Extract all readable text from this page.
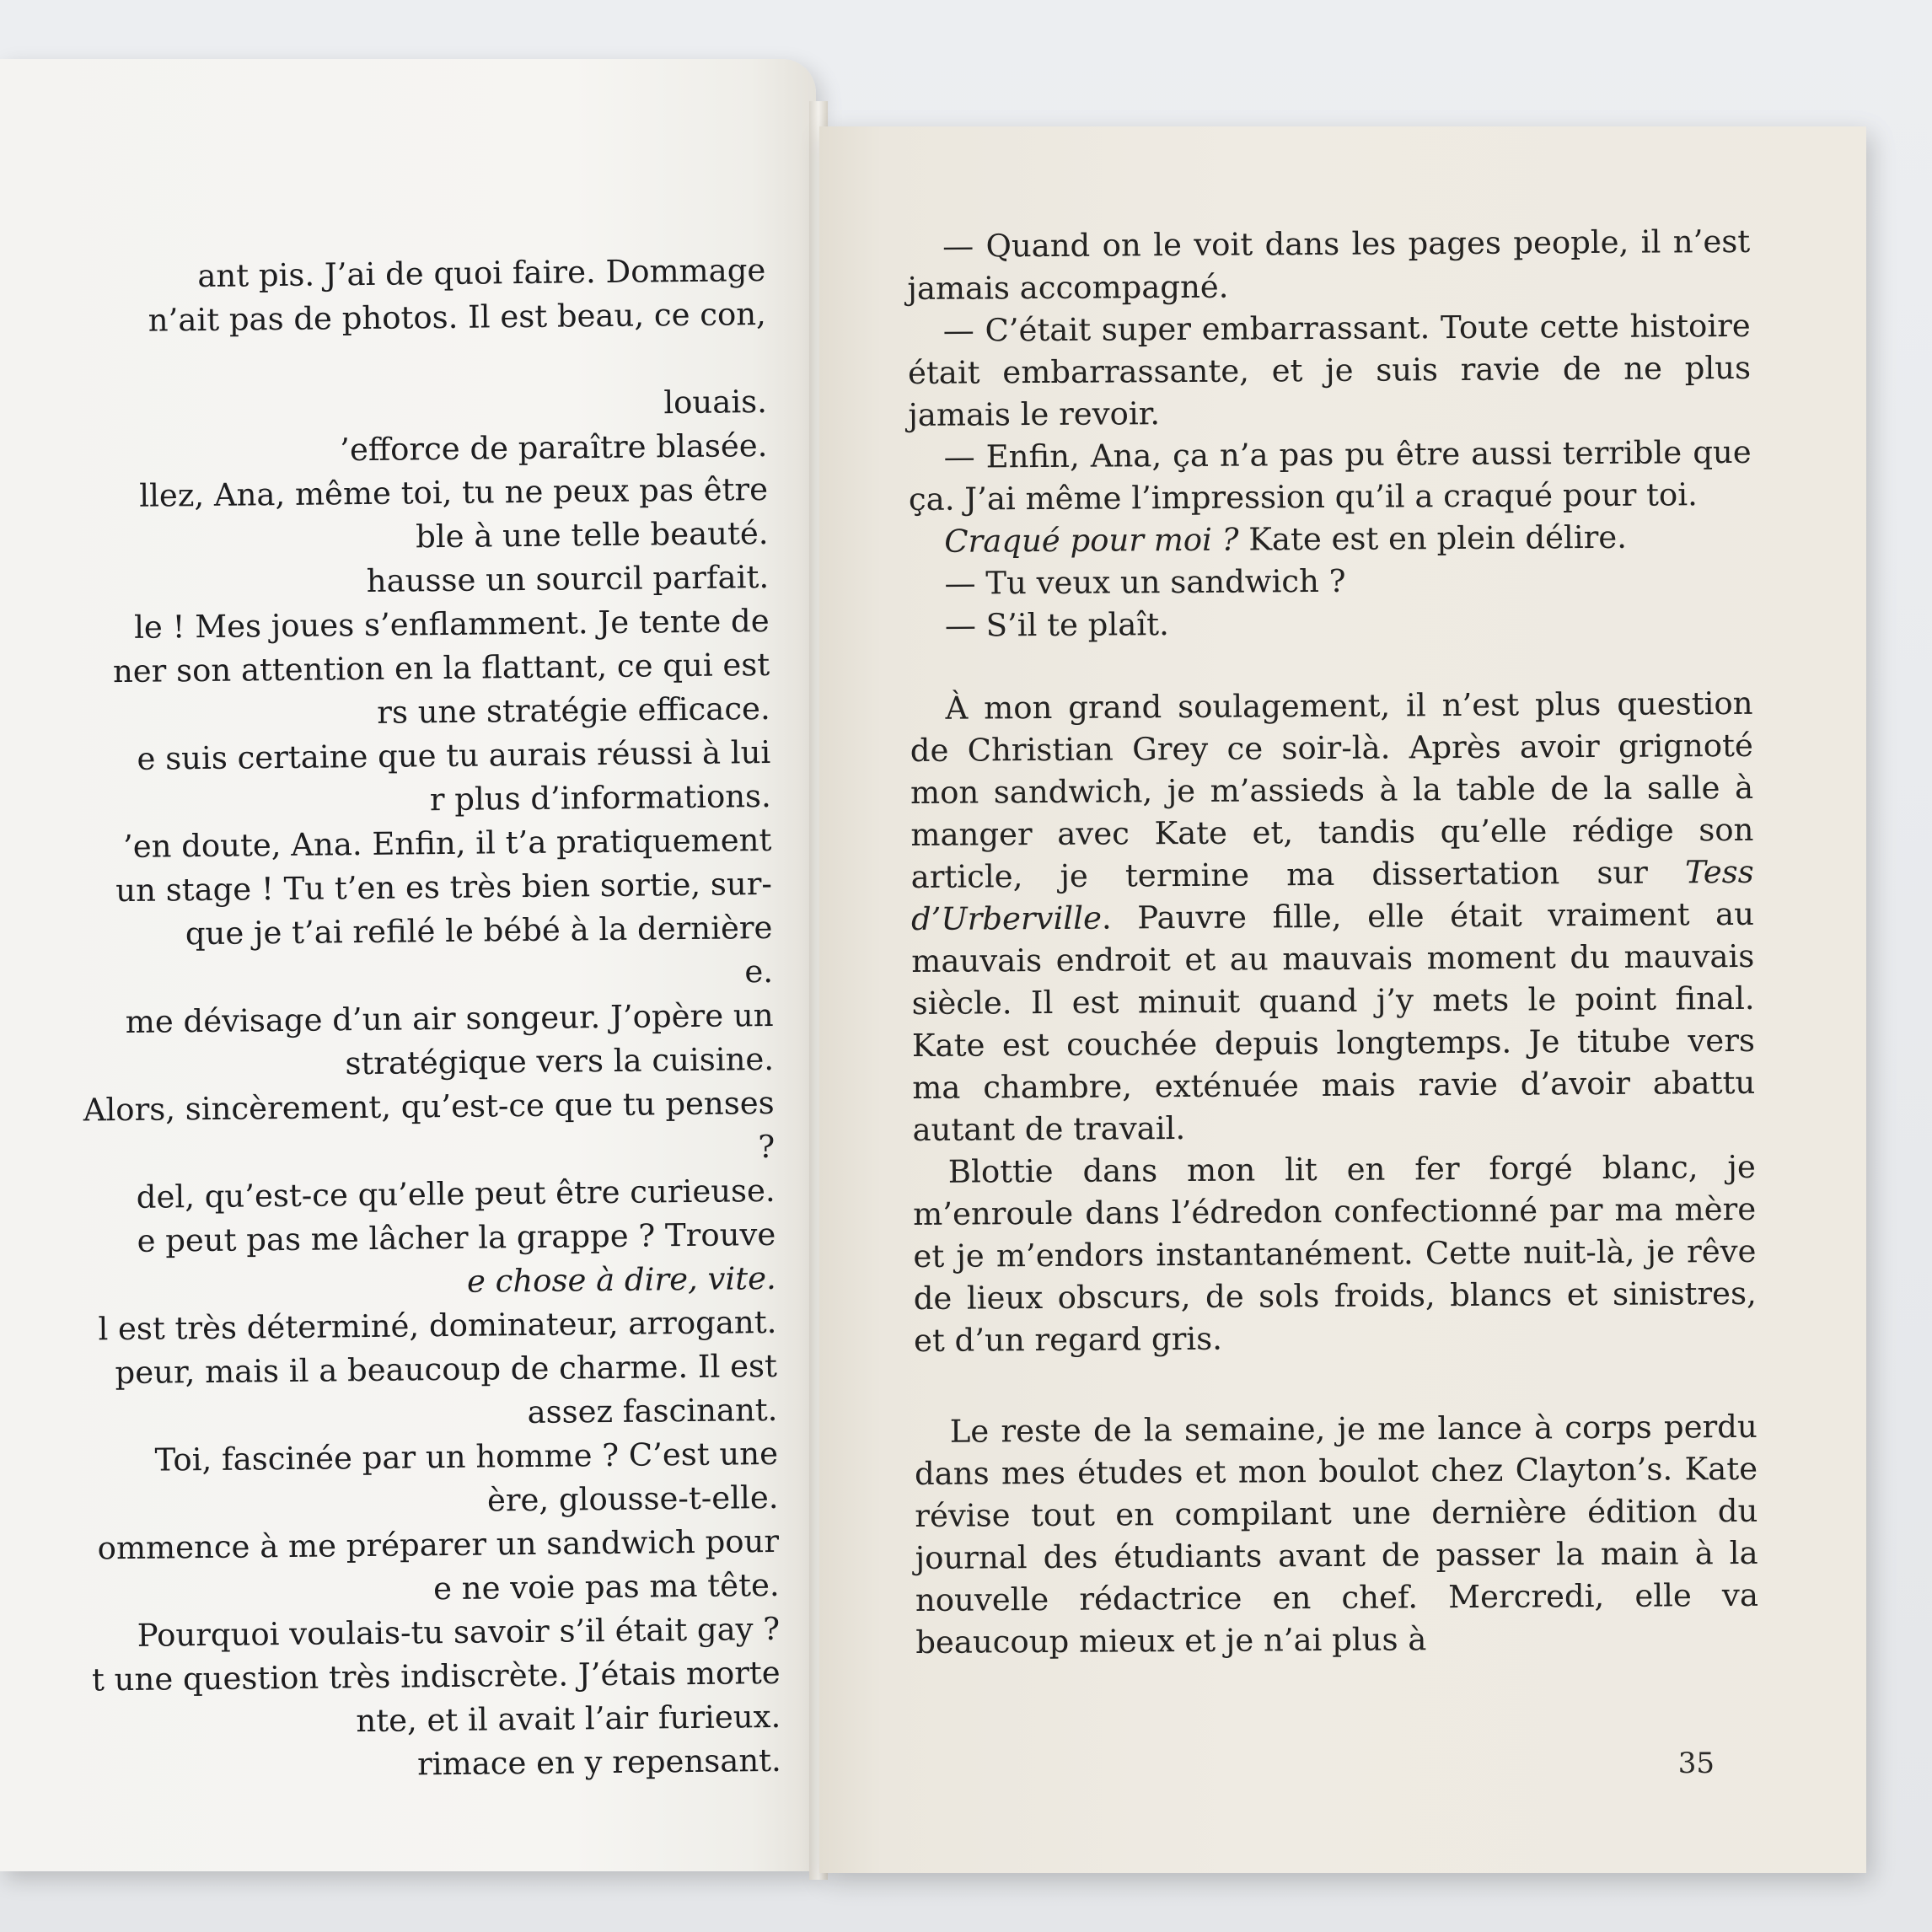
ant pis. J’ai de quoi faire. Dommage

n’ait pas de photos. Il est beau, ce con,

louais.

’efforce de paraître blasée.

llez, Ana, même toi, tu ne peux pas être

ble à une telle beauté.

hausse un sourcil parfait.

le ! Mes joues s’enflamment. Je tente de

ner son attention en la flattant, ce qui est

rs une stratégie efficace.

e suis certaine que tu aurais réussi à lui

r plus d’informations.

’en doute, Ana. Enfin, il t’a pratiquement

un stage ! Tu t’en es très bien sortie, sur-

que je t’ai refilé le bébé à la dernière

e.

me dévisage d’un air songeur. J’opère un

stratégique vers la cuisine.

Alors, sincèrement, qu’est-ce que tu penses

?

del, qu’est-ce qu’elle peut être curieuse.

e peut pas me lâcher la grappe ? Trouve

e chose à dire, vite.

l est très déterminé, dominateur, arrogant.

peur, mais il a beaucoup de charme. Il est

assez fascinant.

Toi, fascinée par un homme ? C’est une

ère, glousse-t-elle.

ommence à me préparer un sandwich pour

e ne voie pas ma tête.

Pourquoi voulais-tu savoir s’il était gay ?

t une question très indiscrète. J’étais morte

nte, et il avait l’air furieux.

rimace en y repensant.

— Quand on le voit dans les pages people, il n’est jamais accompagné.

— C’était super embarrassant. Toute cette histoire était embarrassante, et je suis ravie de ne plus jamais le revoir.

— Enfin, Ana, ça n’a pas pu être aussi terrible que ça. J’ai même l’impression qu’il a craqué pour toi.

Craqué pour moi ? Kate est en plein délire.

— Tu veux un sandwich ?

— S’il te plaît.

À mon grand soulagement, il n’est plus question de Christian Grey ce soir-là. Après avoir grignoté mon sandwich, je m’assieds à la table de la salle à manger avec Kate et, tandis qu’elle rédige son article, je termine ma dissertation sur Tess d’Urberville. Pauvre fille, elle était vraiment au mauvais endroit et au mauvais moment du mauvais siècle. Il est minuit quand j’y mets le point final. Kate est couchée depuis longtemps. Je titube vers ma chambre, exténuée mais ravie d’avoir abattu autant de travail.

Blottie dans mon lit en fer forgé blanc, je m’enroule dans l’édredon confectionné par ma mère et je m’endors instantanément. Cette nuit-là, je rêve de lieux obscurs, de sols froids, blancs et sinistres, et d’un regard gris.

Le reste de la semaine, je me lance à corps perdu dans mes études et mon boulot chez Clayton’s. Kate révise tout en compilant une dernière édition du journal des étudiants avant de passer la main à la nouvelle rédactrice en chef. Mercredi, elle va beaucoup mieux et je n’ai plus à

35
